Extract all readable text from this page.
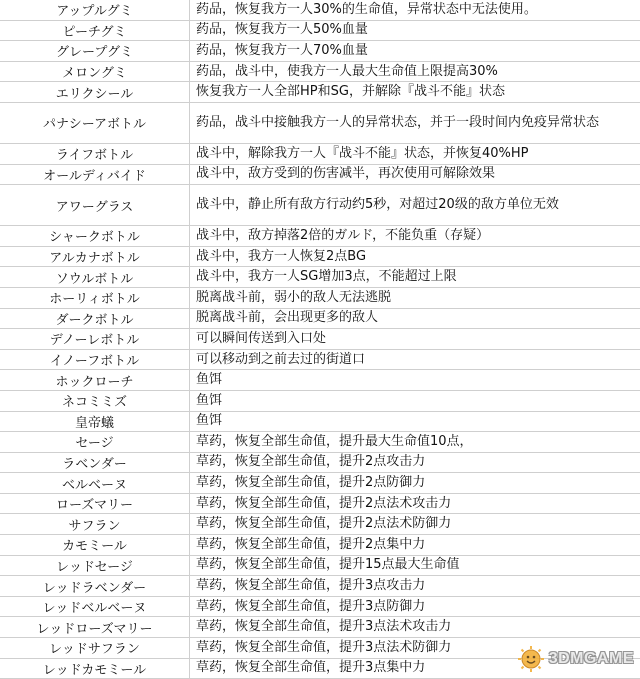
アップルグミ	药品，恢复我方一人30%的生命值，异常状态中无法使用。
ピーチグミ	药品，恢复我方一人50%血量
グレープグミ	药品，恢复我方一人70%血量
メロングミ	药品，战斗中，使我方一人最大生命值上限提高30%
エリクシール	恢复我方一人全部HP和SG，并解除『战斗不能』状态
パナシーアボトル	药品，战斗中接触我方一人的异常状态，并于一段时间内免疫异常状态
ライフボトル	战斗中，解除我方一人『战斗不能』状态，并恢复40%HP
オールディバイド	战斗中，敌方受到的伤害减半，再次使用可解除效果
アワーグラス	战斗中，静止所有敌方行动约5秒，对超过20级的敌方单位无效
シャークボトル	战斗中，敌方掉落2倍的ガルド，不能负重（存疑）
アルカナボトル	战斗中，我方一人恢复2点BG
ソウルボトル	战斗中，我方一人SG增加3点，不能超过上限
ホーリィボトル	脱离战斗前，弱小的敌人无法逃脱
ダークボトル	脱离战斗前，会出现更多的敌人
デノーレボトル	可以瞬间传送到入口处
イノーフボトル	可以移动到之前去过的街道口
ホックローチ	鱼饵
ネコミミズ	鱼饵
皇帝蟻	鱼饵
セージ	草药，恢复全部生命值，提升最大生命值10点，
ラベンダー	草药，恢复全部生命值，提升2点攻击力
ベルベーヌ	草药，恢复全部生命值，提升2点防御力
ローズマリー	草药，恢复全部生命值，提升2点法术攻击力
サフラン	草药，恢复全部生命值，提升2点法术防御力
カモミール	草药，恢复全部生命值，提升2点集中力
レッドセージ	草药，恢复全部生命值，提升15点最大生命值
レッドラベンダー	草药，恢复全部生命值，提升3点攻击力
レッドベルベーヌ	草药，恢复全部生命值，提升3点防御力
レッドローズマリー	草药，恢复全部生命值，提升3点法术攻击力
レッドサフラン	草药，恢复全部生命值，提升3点法术防御力
レッドカモミール	草药，恢复全部生命值，提升3点集中力
3DMGAME
